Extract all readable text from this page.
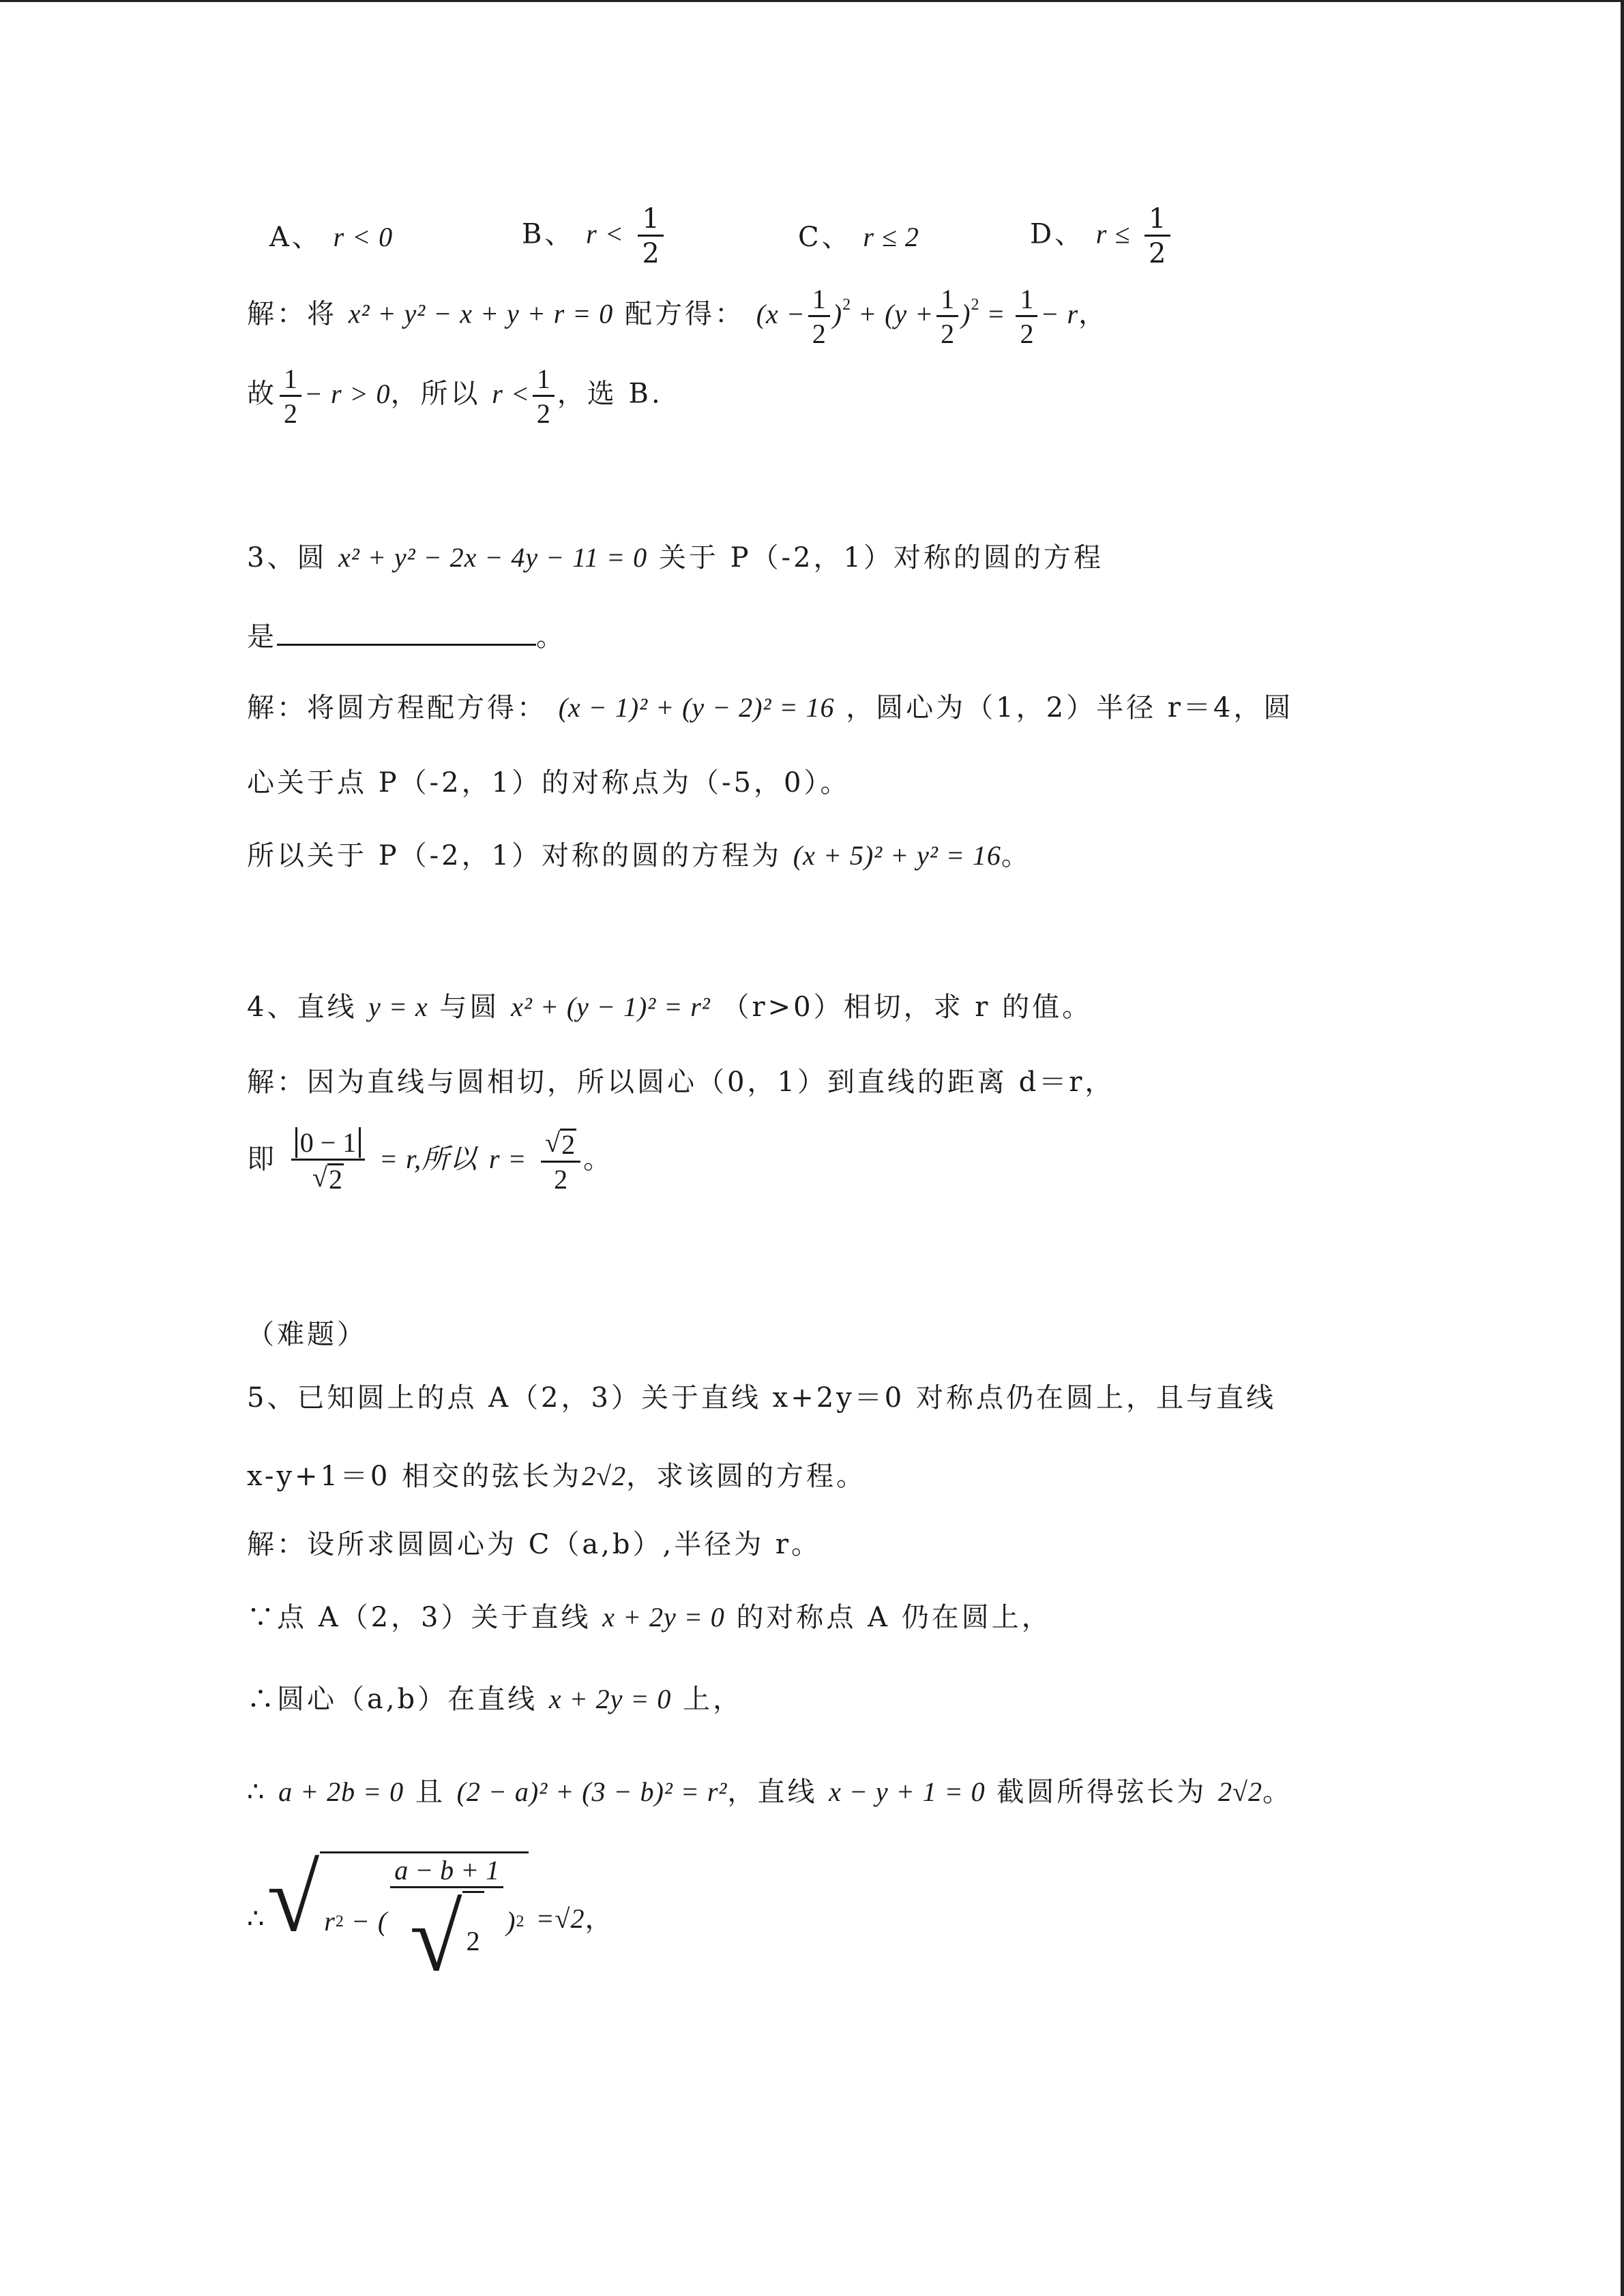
A、 r < 0	B、 $r < \frac{1}{2}$	C、 r ≤ 2	D、 $r \le \frac{1}{2}$
解：将 x² + y² − x + y + r = 0 配方得： $(x - \frac{1}{2} )^2 + (y + \frac{1}{2} )^2 = \frac{1}{2} - r$，
故 $\frac{1}{2} - r > 0$，所以 $r < \frac{1}{2}$ ，选 B.
3、圆 x² + y² − 2x − 4y − 11 = 0 关于 P（-2，1）对称的圆的方程
是	。
解：将圆方程配方得： (x − 1)² + (y − 2)² = 16 ，圆心为（1，2）半径 r＝4，圆
心关于点 P（-2，1）的对称点为（-5，0）。
所以关于 P（-2，1）对称的圆的方程为 (x + 5)² + y² = 16。
4、直线 y = x 与圆 x² + (y − 1)² = r² （r>0）相切，求 r 的值。
解：因为直线与圆相切，所以圆心（0，1）到直线的距离 d＝r，
即 $\frac{0 - 1}{√ 2} = r$,所以 $r = \frac{√ 2}{2}$ 。
（难题）
5、已知圆上的点 A（2，3）关于直线 x+2y＝0 对称点仍在圆上，且与直线
x-y+1＝0 相交的弦长为2√2，求该圆的方程。
解：设所求圆圆心为 C（a,b）,半径为 r。
∵点 A（2，3）关于直线 x + 2y = 0 的对称点 A 仍在圆上，
∴圆心（a,b）在直线 x + 2y = 0 上，
∴ a + 2b = 0 且 (2 − a)² + (3 − b)² = r²，直线 x − y + 1 = 0 截圆所得弦长为 2√2。
∴ √ r 2 − ( $\frac{a - b + 1}{√ 2}$ ) 2 = √2 ，
